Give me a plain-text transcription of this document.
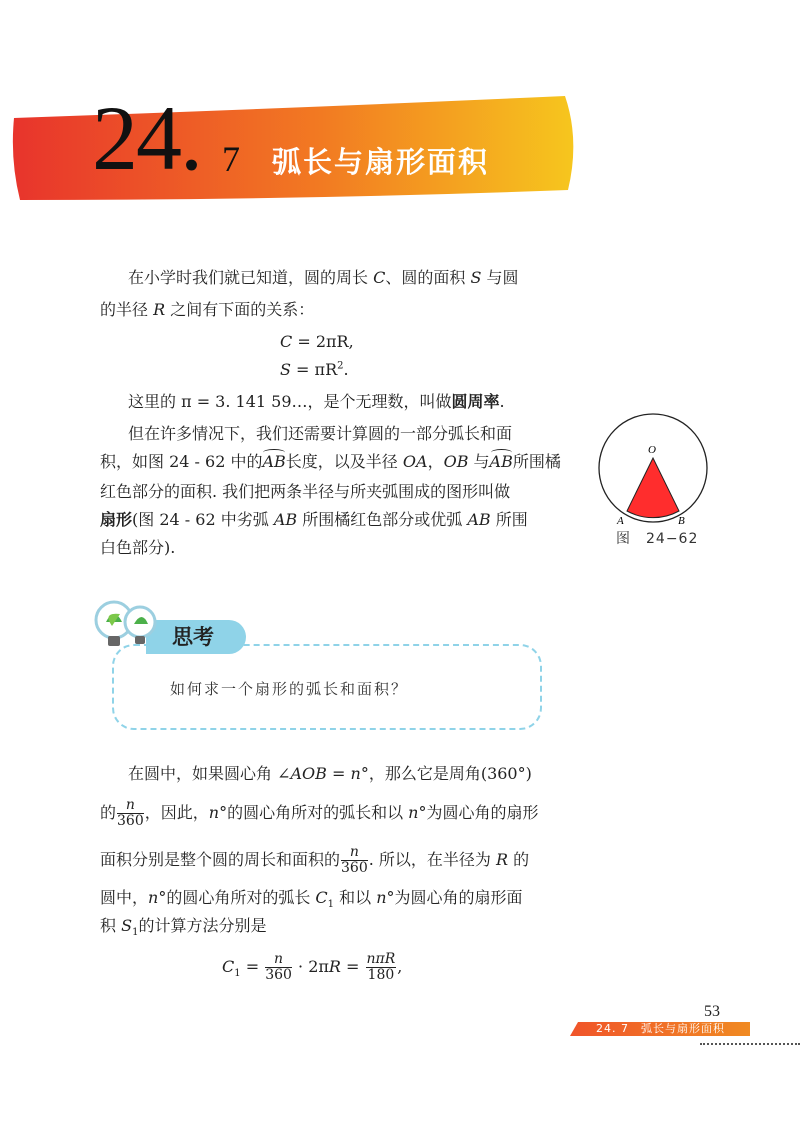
24. 7 弧长与扇形面积
在小学时我们就已知道，圆的周长 C、圆的面积 S 与圆
的半径 R 之间有下面的关系：
C = 2πR,
$S = \pi R^2$.
这里的 π = 3. 141 59…，是个无理数，叫做圆周率.
但在许多情况下，我们还需要计算圆的一部分弧长和面
积，如图 24 - 62 中的AB长度，以及半径 OA，OB 与AB所围橘
红色部分的面积. 我们把两条半径与所夹弧围成的图形叫做
扇形(图 24 - 62 中劣弧 AB 所围橘红色部分或优弧 AB 所围
白色部分).
O
A	B
图　24−62
思考
如何求一个扇形的弧长和面积？
在圆中，如果圆心角 ∠AOB = n°，那么它是周角(360°)
的 $\frac{n}{360}$ ，因此，n°的圆心角所对的弧长和以 n°为圆心角的扇形
面积分别是整个圆的周长和面积的 $\frac{n}{360}$ . 所以，在半径为 R 的
圆中，n°的圆心角所对的弧长 $C_1$ 和以 n°为圆心角的扇形面
积 $S_1$的计算方法分别是
$C_1 = \frac{n}{360} \cdot 2\pi R = \frac{\text{nπR}}{180}$ ,
53
24. 7　弧长与扇形面积
